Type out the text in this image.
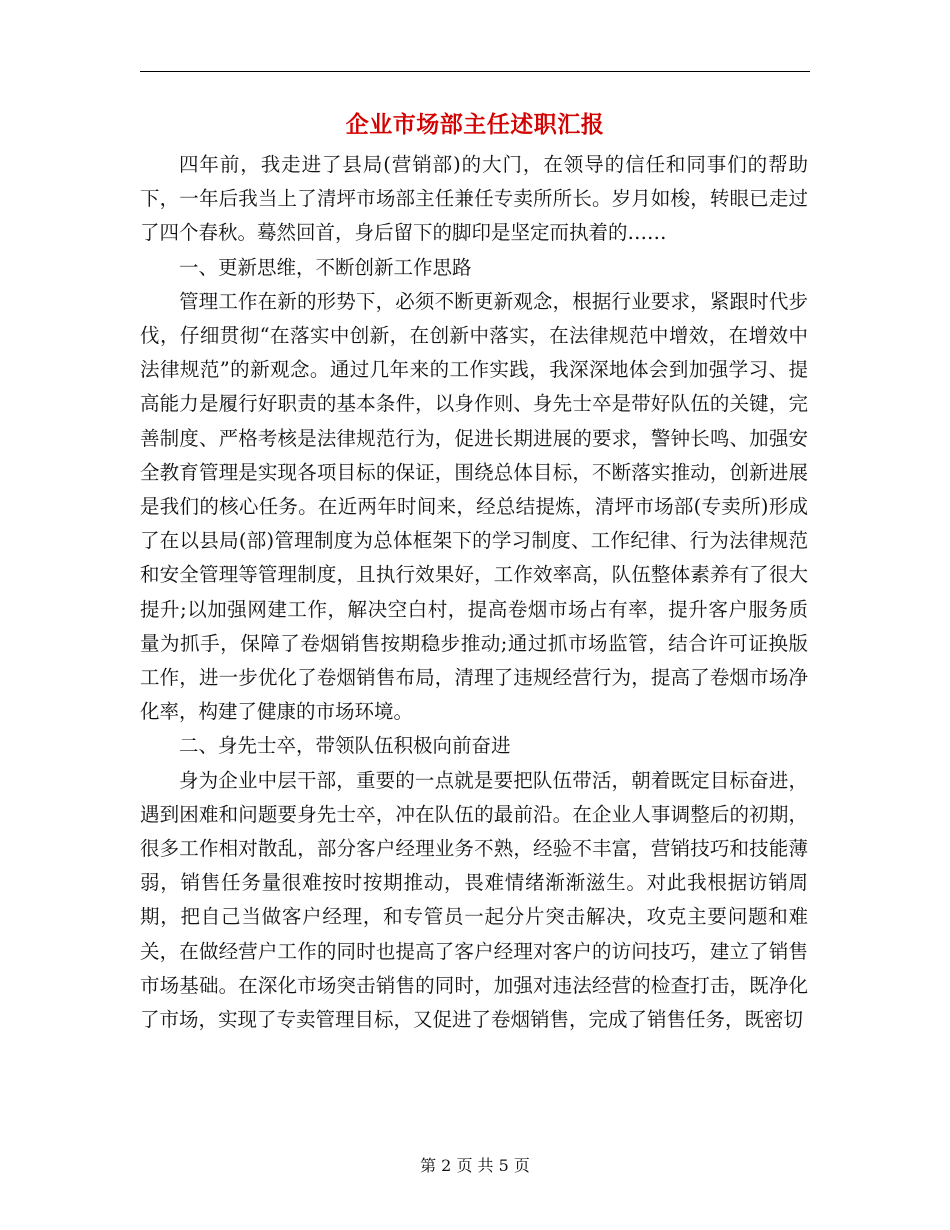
企业市场部主任述职汇报

四年前，我走进了县局(营销部)的大门，在领导的信任和同事们的帮助下，一年后我当上了清坪市场部主任兼任专卖所所长。岁月如梭，转眼已走过了四个春秋。蓦然回首，身后留下的脚印是坚定而执着的……

一、更新思维，不断创新工作思路

管理工作在新的形势下，必须不断更新观念，根据行业要求，紧跟时代步伐，仔细贯彻“在落实中创新，在创新中落实，在法律规范中增效，在增效中法律规范”的新观念。通过几年来的工作实践，我深深地体会到加强学习、提高能力是履行好职责的基本条件，以身作则、身先士卒是带好队伍的关键，完善制度、严格考核是法律规范行为，促进长期进展的要求，警钟长鸣、加强安全教育管理是实现各项目标的保证，围绕总体目标，不断落实推动，创新进展是我们的核心任务。在近两年时间来，经总结提炼，清坪市场部(专卖所)形成了在以县局(部)管理制度为总体框架下的学习制度、工作纪律、行为法律规范和安全管理等管理制度，且执行效果好，工作效率高，队伍整体素养有了很大提升;以加强网建工作，解决空白村，提高卷烟市场占有率，提升客户服务质量为抓手，保障了卷烟销售按期稳步推动;通过抓市场监管，结合许可证换版工作，进一步优化了卷烟销售布局，清理了违规经营行为，提高了卷烟市场净化率，构建了健康的市场环境。

二、身先士卒，带领队伍积极向前奋进

身为企业中层干部，重要的一点就是要把队伍带活，朝着既定目标奋进，遇到困难和问题要身先士卒，冲在队伍的最前沿。在企业人事调整后的初期，很多工作相对散乱，部分客户经理业务不熟，经验不丰富，营销技巧和技能薄弱，销售任务量很难按时按期推动，畏难情绪渐渐滋生。对此我根据访销周期，把自己当做客户经理，和专管员一起分片突击解决，攻克主要问题和难关，在做经营户工作的同时也提高了客户经理对客户的访问技巧，建立了销售市场基础。在深化市场突击销售的同时，加强对违法经营的检查打击，既净化了市场，实现了专卖管理目标，又促进了卷烟销售，完成了销售任务，既密切

第 2 页 共 5 页
